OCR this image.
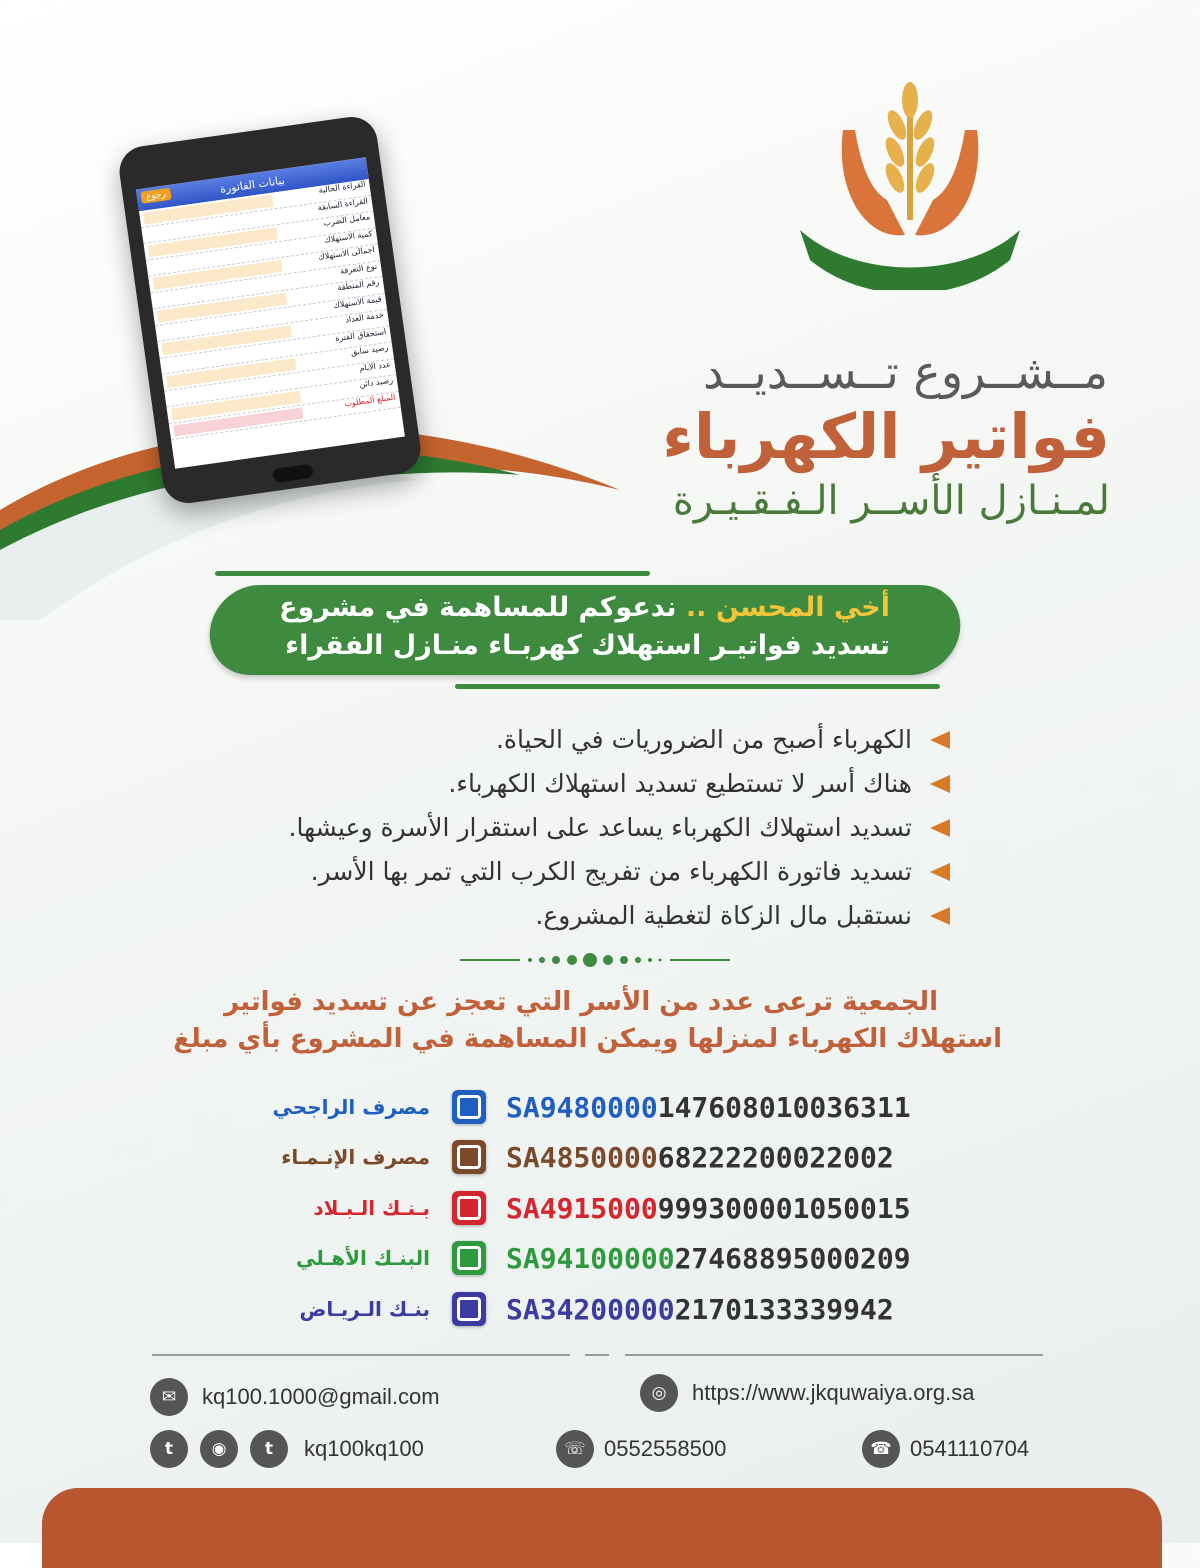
رجوع
بيانات الفاتورة	القراءة الحالية
القراءة السابقة
معامل الضرب
كمية الاستهلاك
اجمالى الاستهلاك
نوع التعرفة
رقم المنطقة
قيمة الاستهلاك
خدمة العداد
استحقاق الفترة
رصيد سابق
عدد الايام
رصيد دائن
المبلغ المطلوب
مــشــروع تــســديــد
فواتير الكهرباء
لمـنـازل الأســر الـفـقـيـرة
أخي المحسن .. ندعوكم للمساهمة في مشروع
تسديد فواتيـر استهلاك كهربـاء منـازل الفقراء
الكهرباء أصبح من الضروريات في الحياة.
هناك أسر لا تستطيع تسديد استهلاك الكهرباء.
تسديد استهلاك الكهرباء يساعد على استقرار الأسرة وعيشها.
تسديد فاتورة الكهرباء من تفريج الكرب التي تمر بها الأسر.
نستقبل مال الزكاة لتغطية المشروع.
الجمعية ترعى عدد من الأسر التي تعجز عن تسديد فواتير
استهلاك الكهرباء لمنزلها ويمكن المساهمة في المشروع بأي مبلغ
مصرف الراجحي	SA9480000147608010036311
مصرف الإنـمـاء	SA485000068222200022002
بـنـك الـبـلاد	SA4915000999300001050015
البنـك الأهـلي	SA9410000027468895000209
بنـك الـريـاض	SA342000002170133339942
✉	kq100.1000@gmail.com	◎	https://www.jkquwaiya.org.sa
t	◉	t	kq100kq100	☏ 0552558500	☎ 0541110704
